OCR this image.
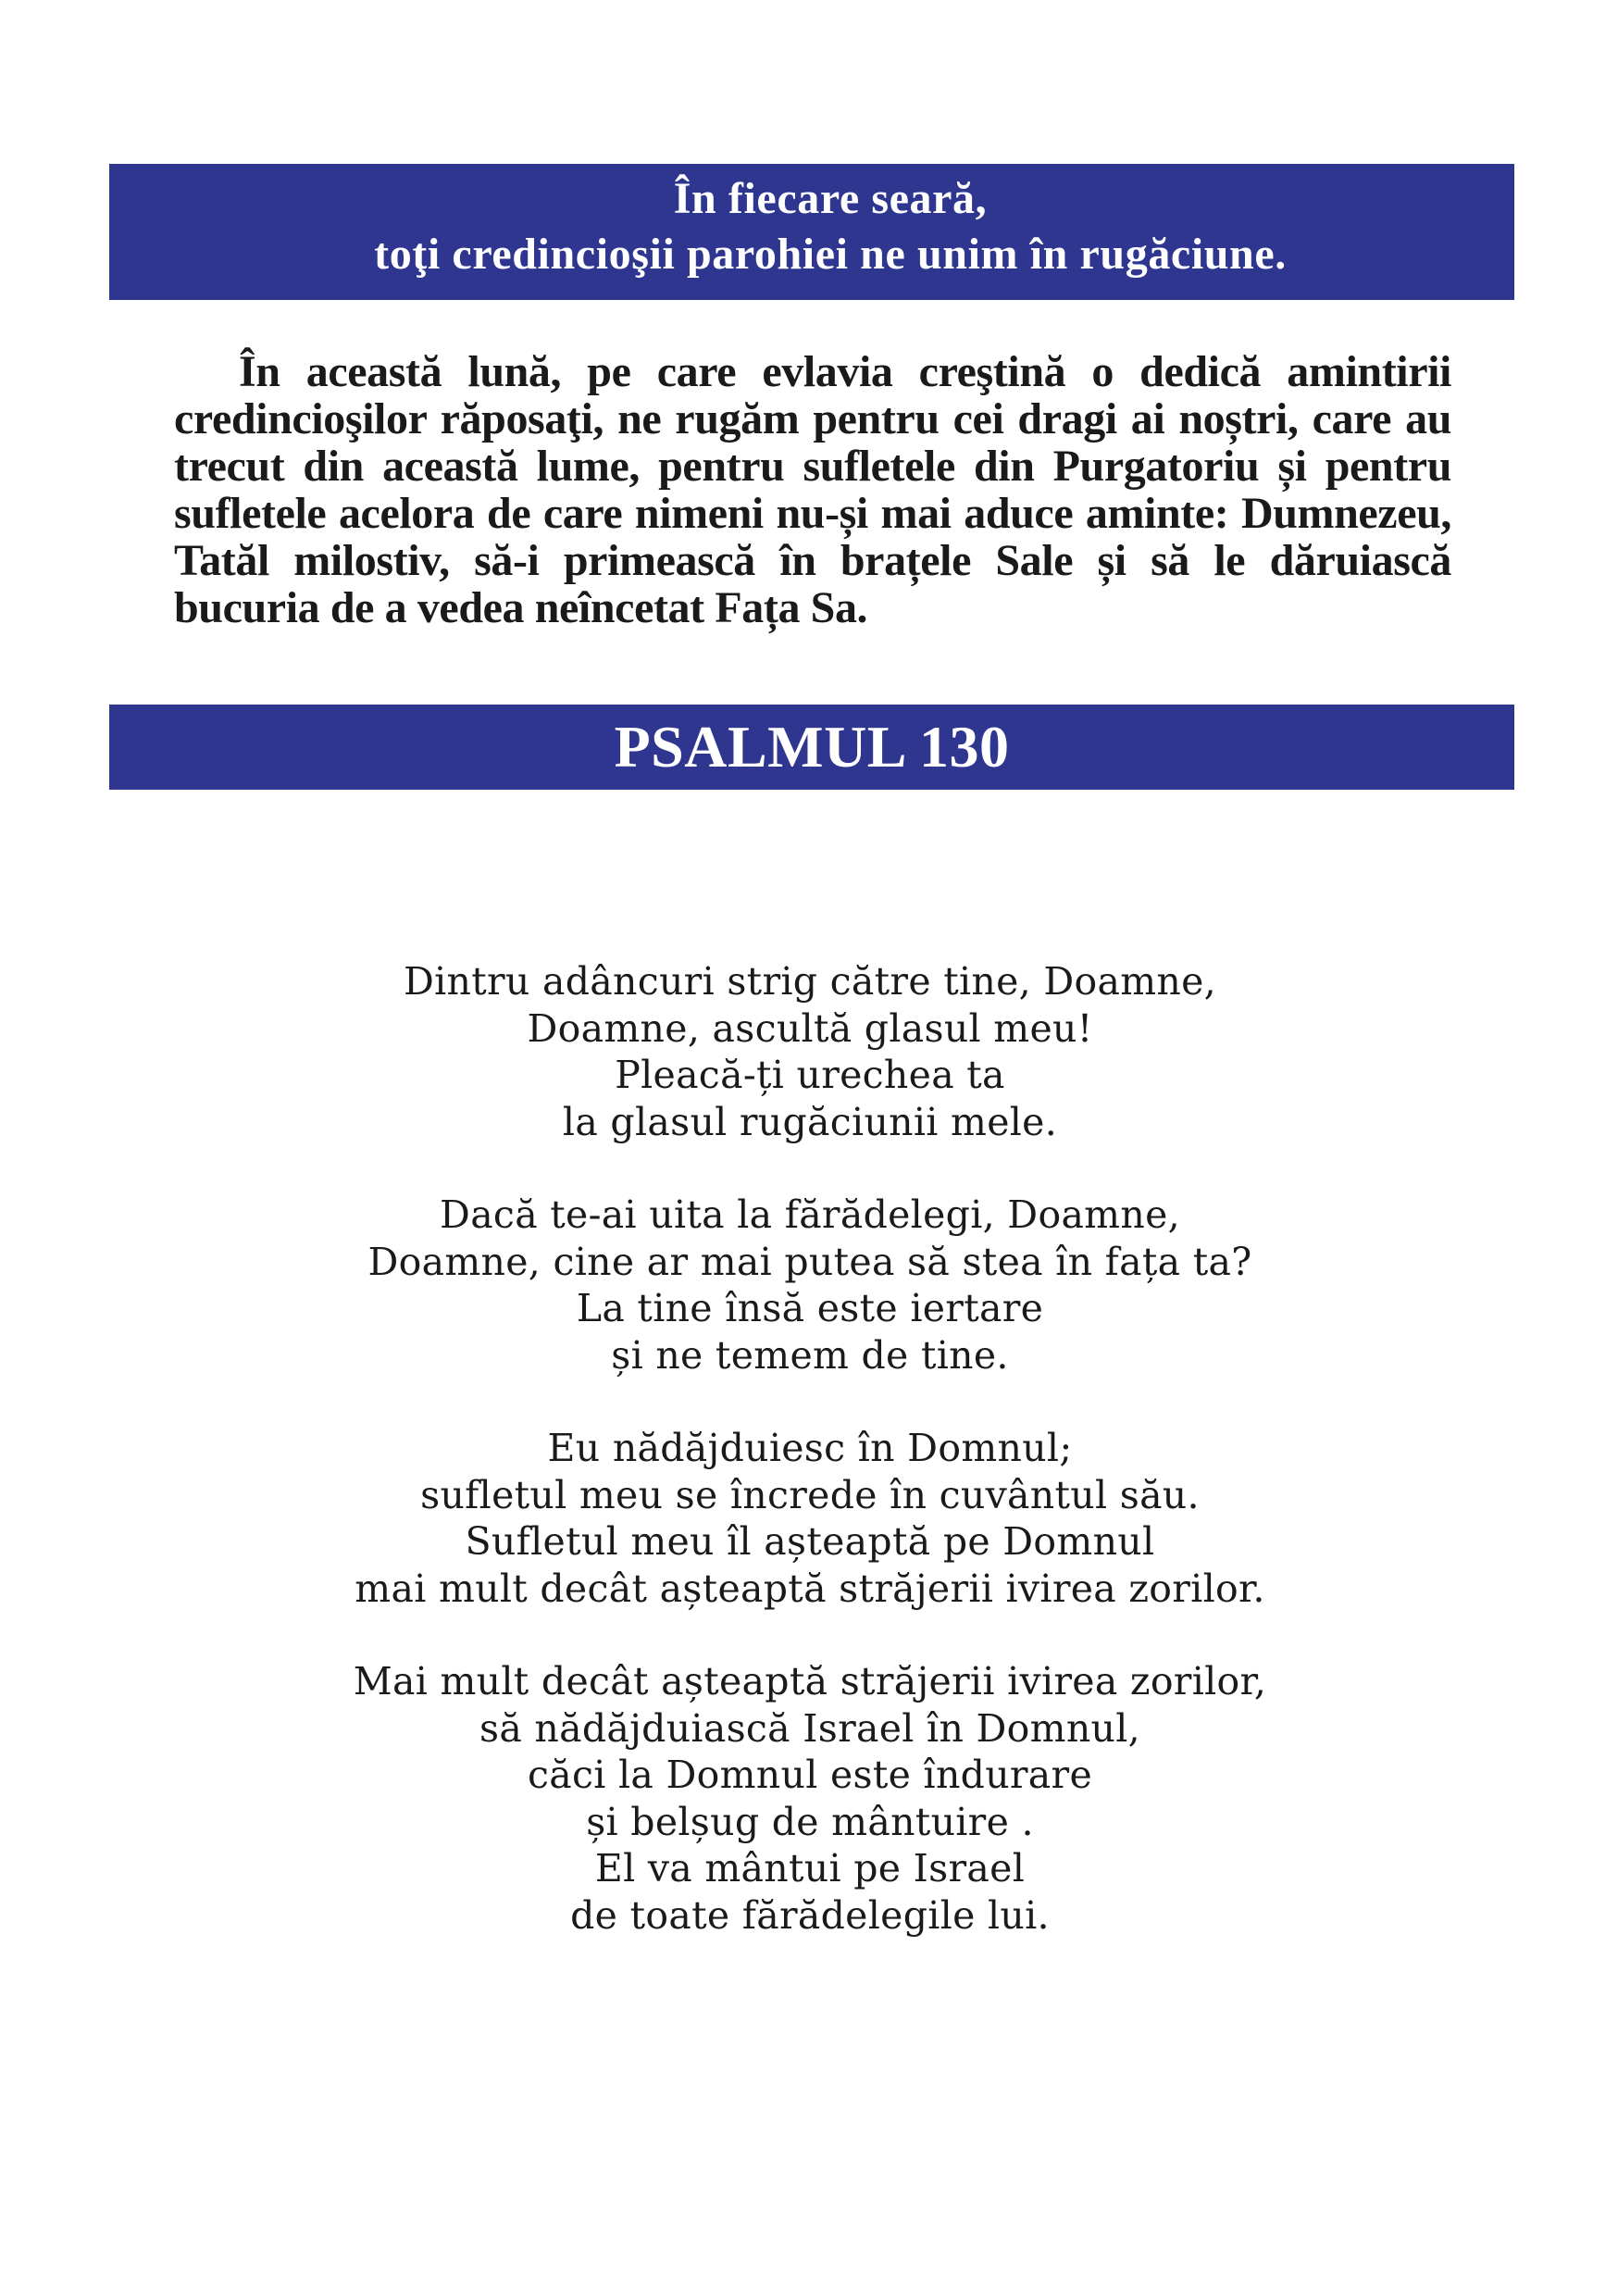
În fiecare seară,
toţi credincioşii parohiei ne unim în rugăciune.

În această lună, pe care evlavia creştină o dedică amintirii credincioşilor răposaţi, ne rugăm pentru cei dragi ai noștri, care au trecut din această lume, pentru sufletele din Purgatoriu și pentru sufletele acelora de care nimeni nu-și mai aduce aminte: Dumnezeu, Tatăl milostiv, să-i primească în brațele Sale și să le dăruiască bucuria de a vedea neîncetat Fața Sa.

PSALMUL 130
Dintru adâncuri strig către tine, Doamne,
Doamne, ascultă glasul meu!
Pleacă-ți urechea ta
la glasul rugăciunii mele.
Dacă te-ai uita la fărădelegi, Doamne,
Doamne, cine ar mai putea să stea în fața ta?
La tine însă este iertare
și ne temem de tine.
Eu nădăjduiesc în Domnul;
sufletul meu se încrede în cuvântul său.
Sufletul meu îl așteaptă pe Domnul
mai mult decât așteaptă străjerii ivirea zorilor.
Mai mult decât așteaptă străjerii ivirea zorilor,
să nădăjduiască Israel în Domnul,
căci la Domnul este îndurare
și belșug de mântuire .
El va mântui pe Israel
de toate fărădelegile lui.
